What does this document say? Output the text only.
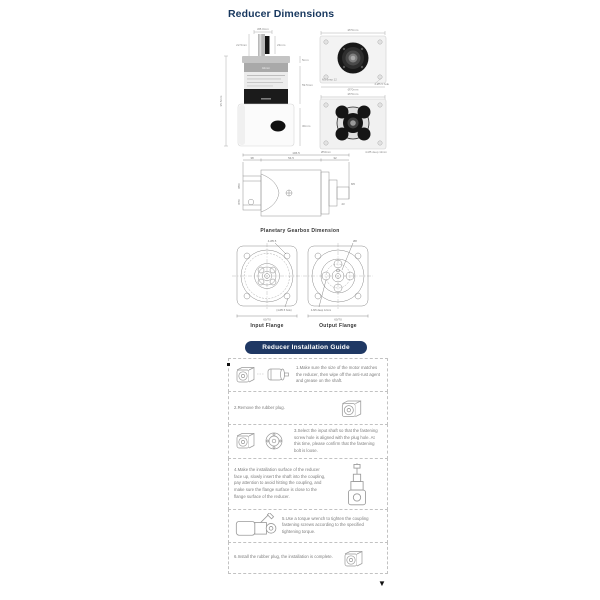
Reducer Dimensions
Ø8.0mm
22.5mm	23mm
42mm
95.5mm
5mm
59.5mm
30mm
Ø70mm
M5 deep 12
4-Ø5.5 hole
Ø70mm
Ø70mm
Ø50mm	4-M5 deep 12mm
106.5
38	54.5	32
Ø50
Ø70
M5
23
Planetary Gearbox Dimension
4-Ø5.5
(4-Ø5.5 hole)
60/70
Input Flange
Ø8
4-M5 deep 12mm
60/70
Output Flange
Reducer Installation Guide
1.Make sure the size of the motor matches the reducer, then wipe off the anti-rust agent and grease on the shaft.
2.Remove the rubber plug.
3.Select the input shaft so that the fastening screw hole is aligned with the plug hole. At this time, please confirm that the fastening bolt is loose.
4.Make the installation surface of the reducer face up, slowly insert the shaft into the coupling, pay attention to avoid hitting the coupling, and make sure the flange surface is close to the flange surface of the reducer.
5.Use a torque wrench to tighten the coupling fastening screws according to the specified tightening torque.
6.Install the rubber plug, the installation is complete.
▼
